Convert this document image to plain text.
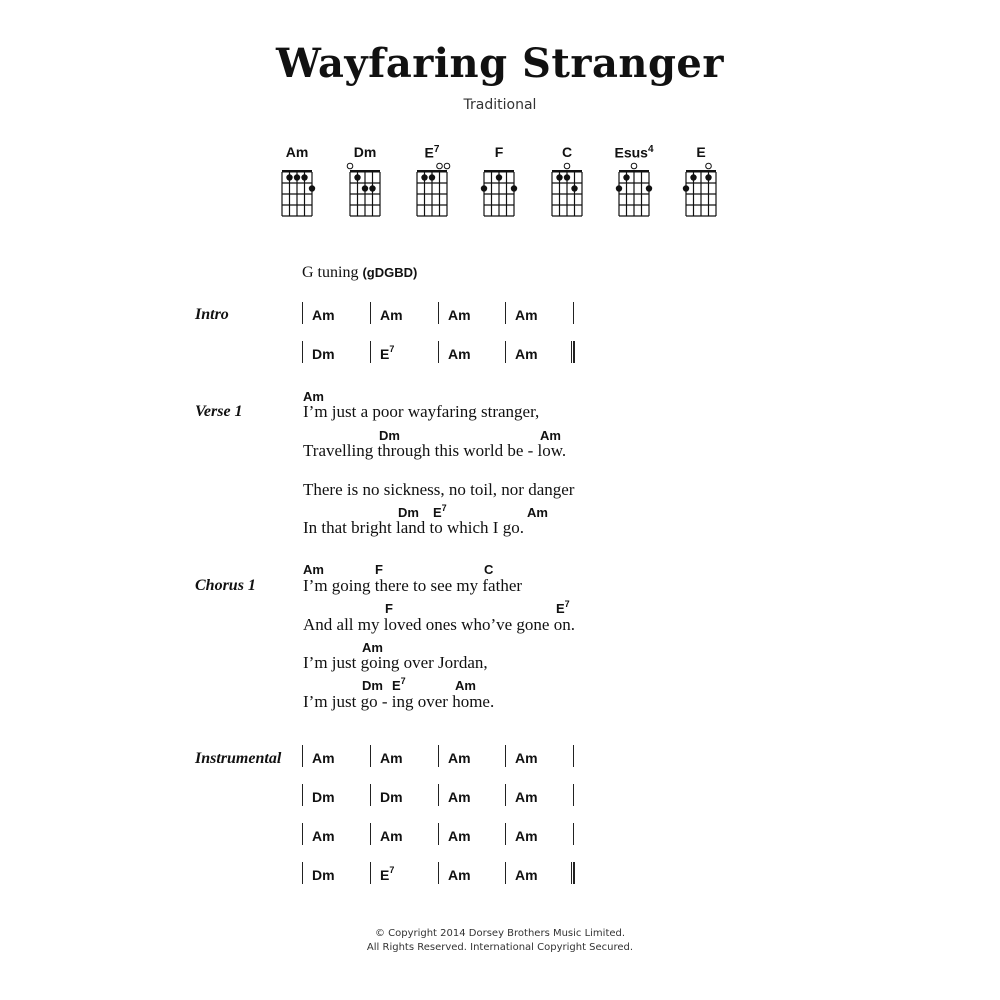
Wayfaring Stranger
Traditional
Am	Dm	$E^7$	F	C	Esus$^4$	E
G tuning (gDGBD)
Intro	Am	Am	Am	Am
Dm	$E^7$	Am	Am
Verse 1	I’m just a poor wayfaring stranger,
Travelling through this world be - low.
There is no sickness, no toil, nor danger
In that bright land to which I go.
Am
Dm	Am
Dm $E^7$	Am
Chorus 1	I’m going there to see my father
And all my loved ones who’ve gone on.
I’m just going over Jordan,
I’m just go - ing over home.
Am	F	C
F	$E^7$
Am
Dm $E^7$	Am
Instrumental Am	Am	Am	Am
Dm	Dm	Am	Am
Am	Am	Am	Am
Dm	$E^7$	Am	Am
© Copyright 2014 Dorsey Brothers Music Limited.
All Rights Reserved. International Copyright Secured.
